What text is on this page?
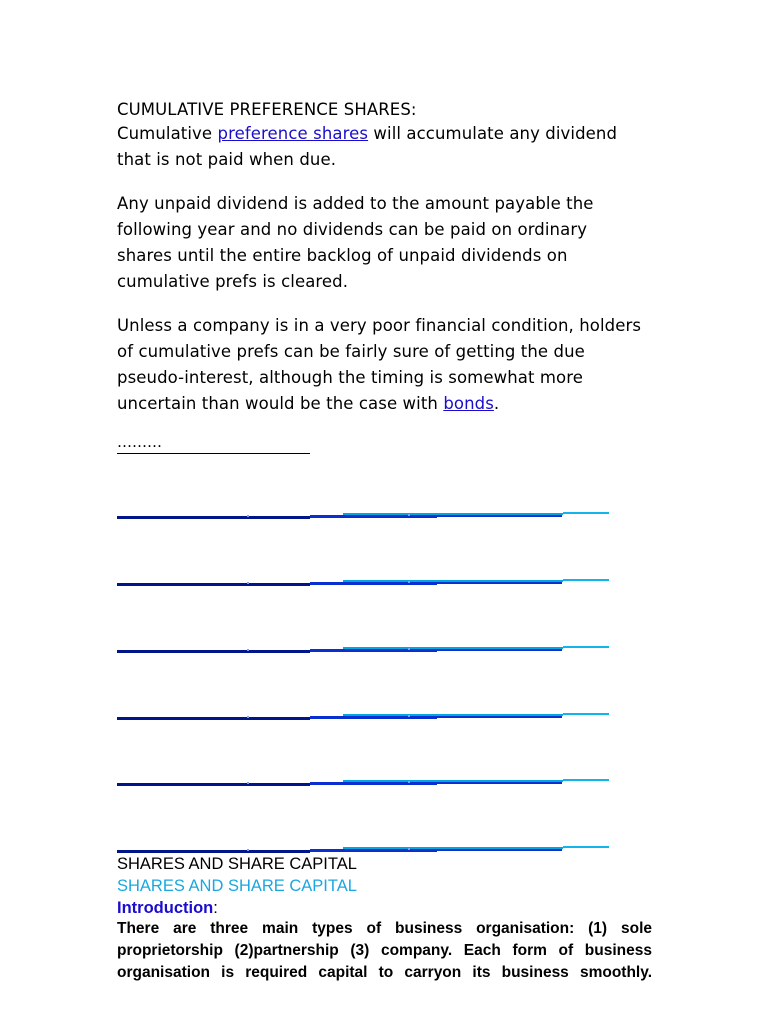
CUMULATIVE PREFERENCE SHARES:

Cumulative preference shares will accumulate any dividend that is not paid when due.

Any unpaid dividend is added to the amount payable the following year and no dividends can be paid on ordinary shares until the entire backlog of unpaid dividends on cumulative prefs is cleared.

Unless a company is in a very poor financial condition, holders of cumulative prefs can be fairly sure of getting the due pseudo-interest, although the timing is somewhat more uncertain than would be the case with bonds.

………
SHARES AND SHARE CAPITAL
SHARES AND SHARE CAPITAL
Introduction:
There are three main types of business organisation: (1) sole
proprietorship (2)partnership (3) company. Each form of business
organisation is required capital to carryon its business smoothly.
